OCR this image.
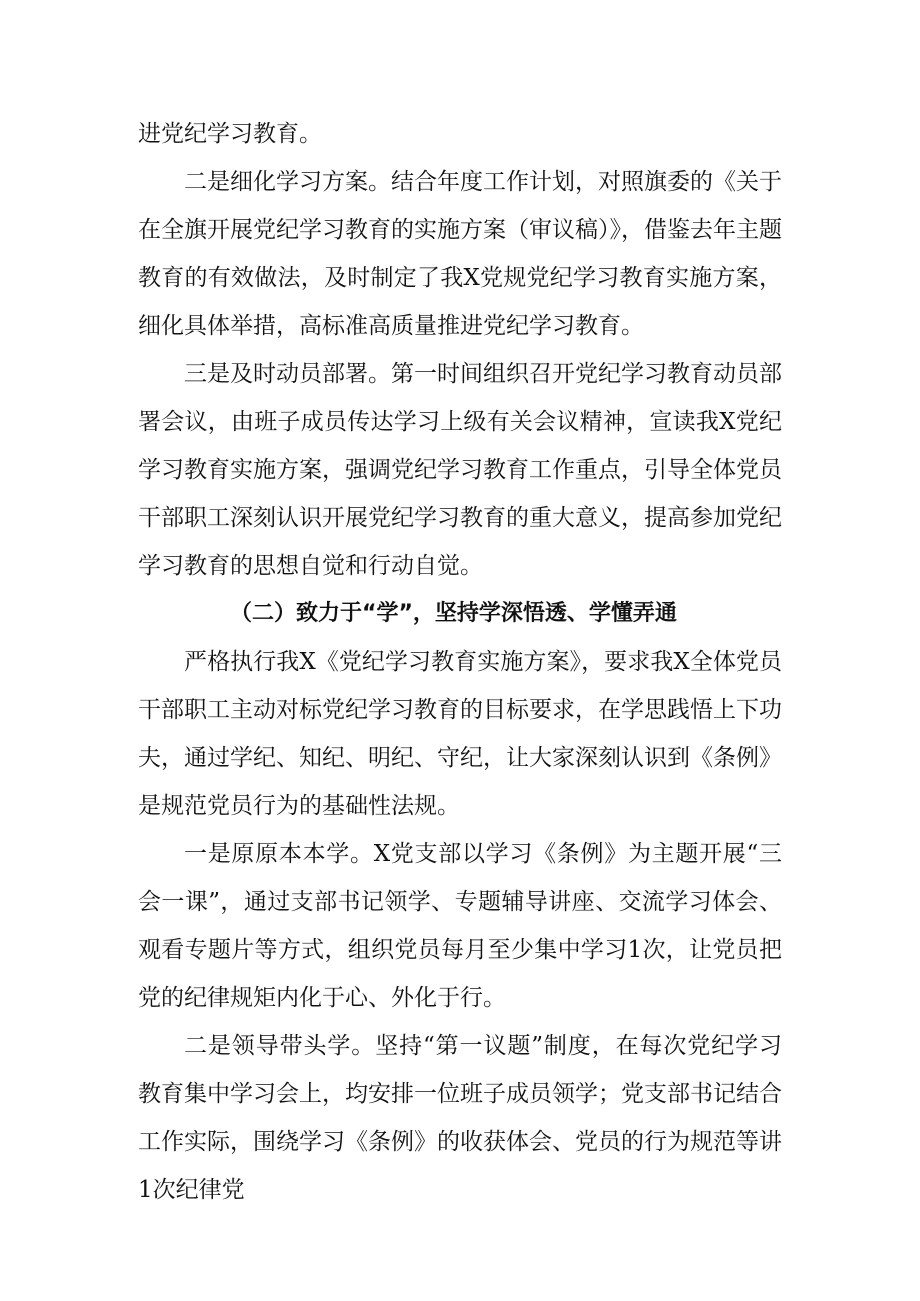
进党纪学习教育。

二是细化学习方案。结合年度工作计划，对照旗委的《关于在全旗开展党纪学习教育的实施方案（审议稿）》，借鉴去年主题教育的有效做法，及时制定了我X党规党纪学习教育实施方案，细化具体举措，高标准高质量推进党纪学习教育。

三是及时动员部署。第一时间组织召开党纪学习教育动员部署会议，由班子成员传达学习上级有关会议精神，宣读我X党纪学习教育实施方案，强调党纪学习教育工作重点，引导全体党员干部职工深刻认识开展党纪学习教育的重大意义，提高参加党纪学习教育的思想自觉和行动自觉。

（二）致力于“学”，坚持学深悟透、学懂弄通

严格执行我X《党纪学习教育实施方案》，要求我X全体党员干部职工主动对标党纪学习教育的目标要求，在学思践悟上下功夫，通过学纪、知纪、明纪、守纪，让大家深刻认识到《条例》是规范党员行为的基础性法规。

一是原原本本学。X党支部以学习《条例》为主题开展“三会一课”，通过支部书记领学、专题辅导讲座、交流学习体会、观看专题片等方式，组织党员每月至少集中学习1次，让党员把党的纪律规矩内化于心、外化于行。

二是领导带头学。坚持“第一议题”制度，在每次党纪学习教育集中学习会上，均安排一位班子成员领学；党支部书记结合工作实际，围绕学习《条例》的收获体会、党员的行为规范等讲1次纪律党
